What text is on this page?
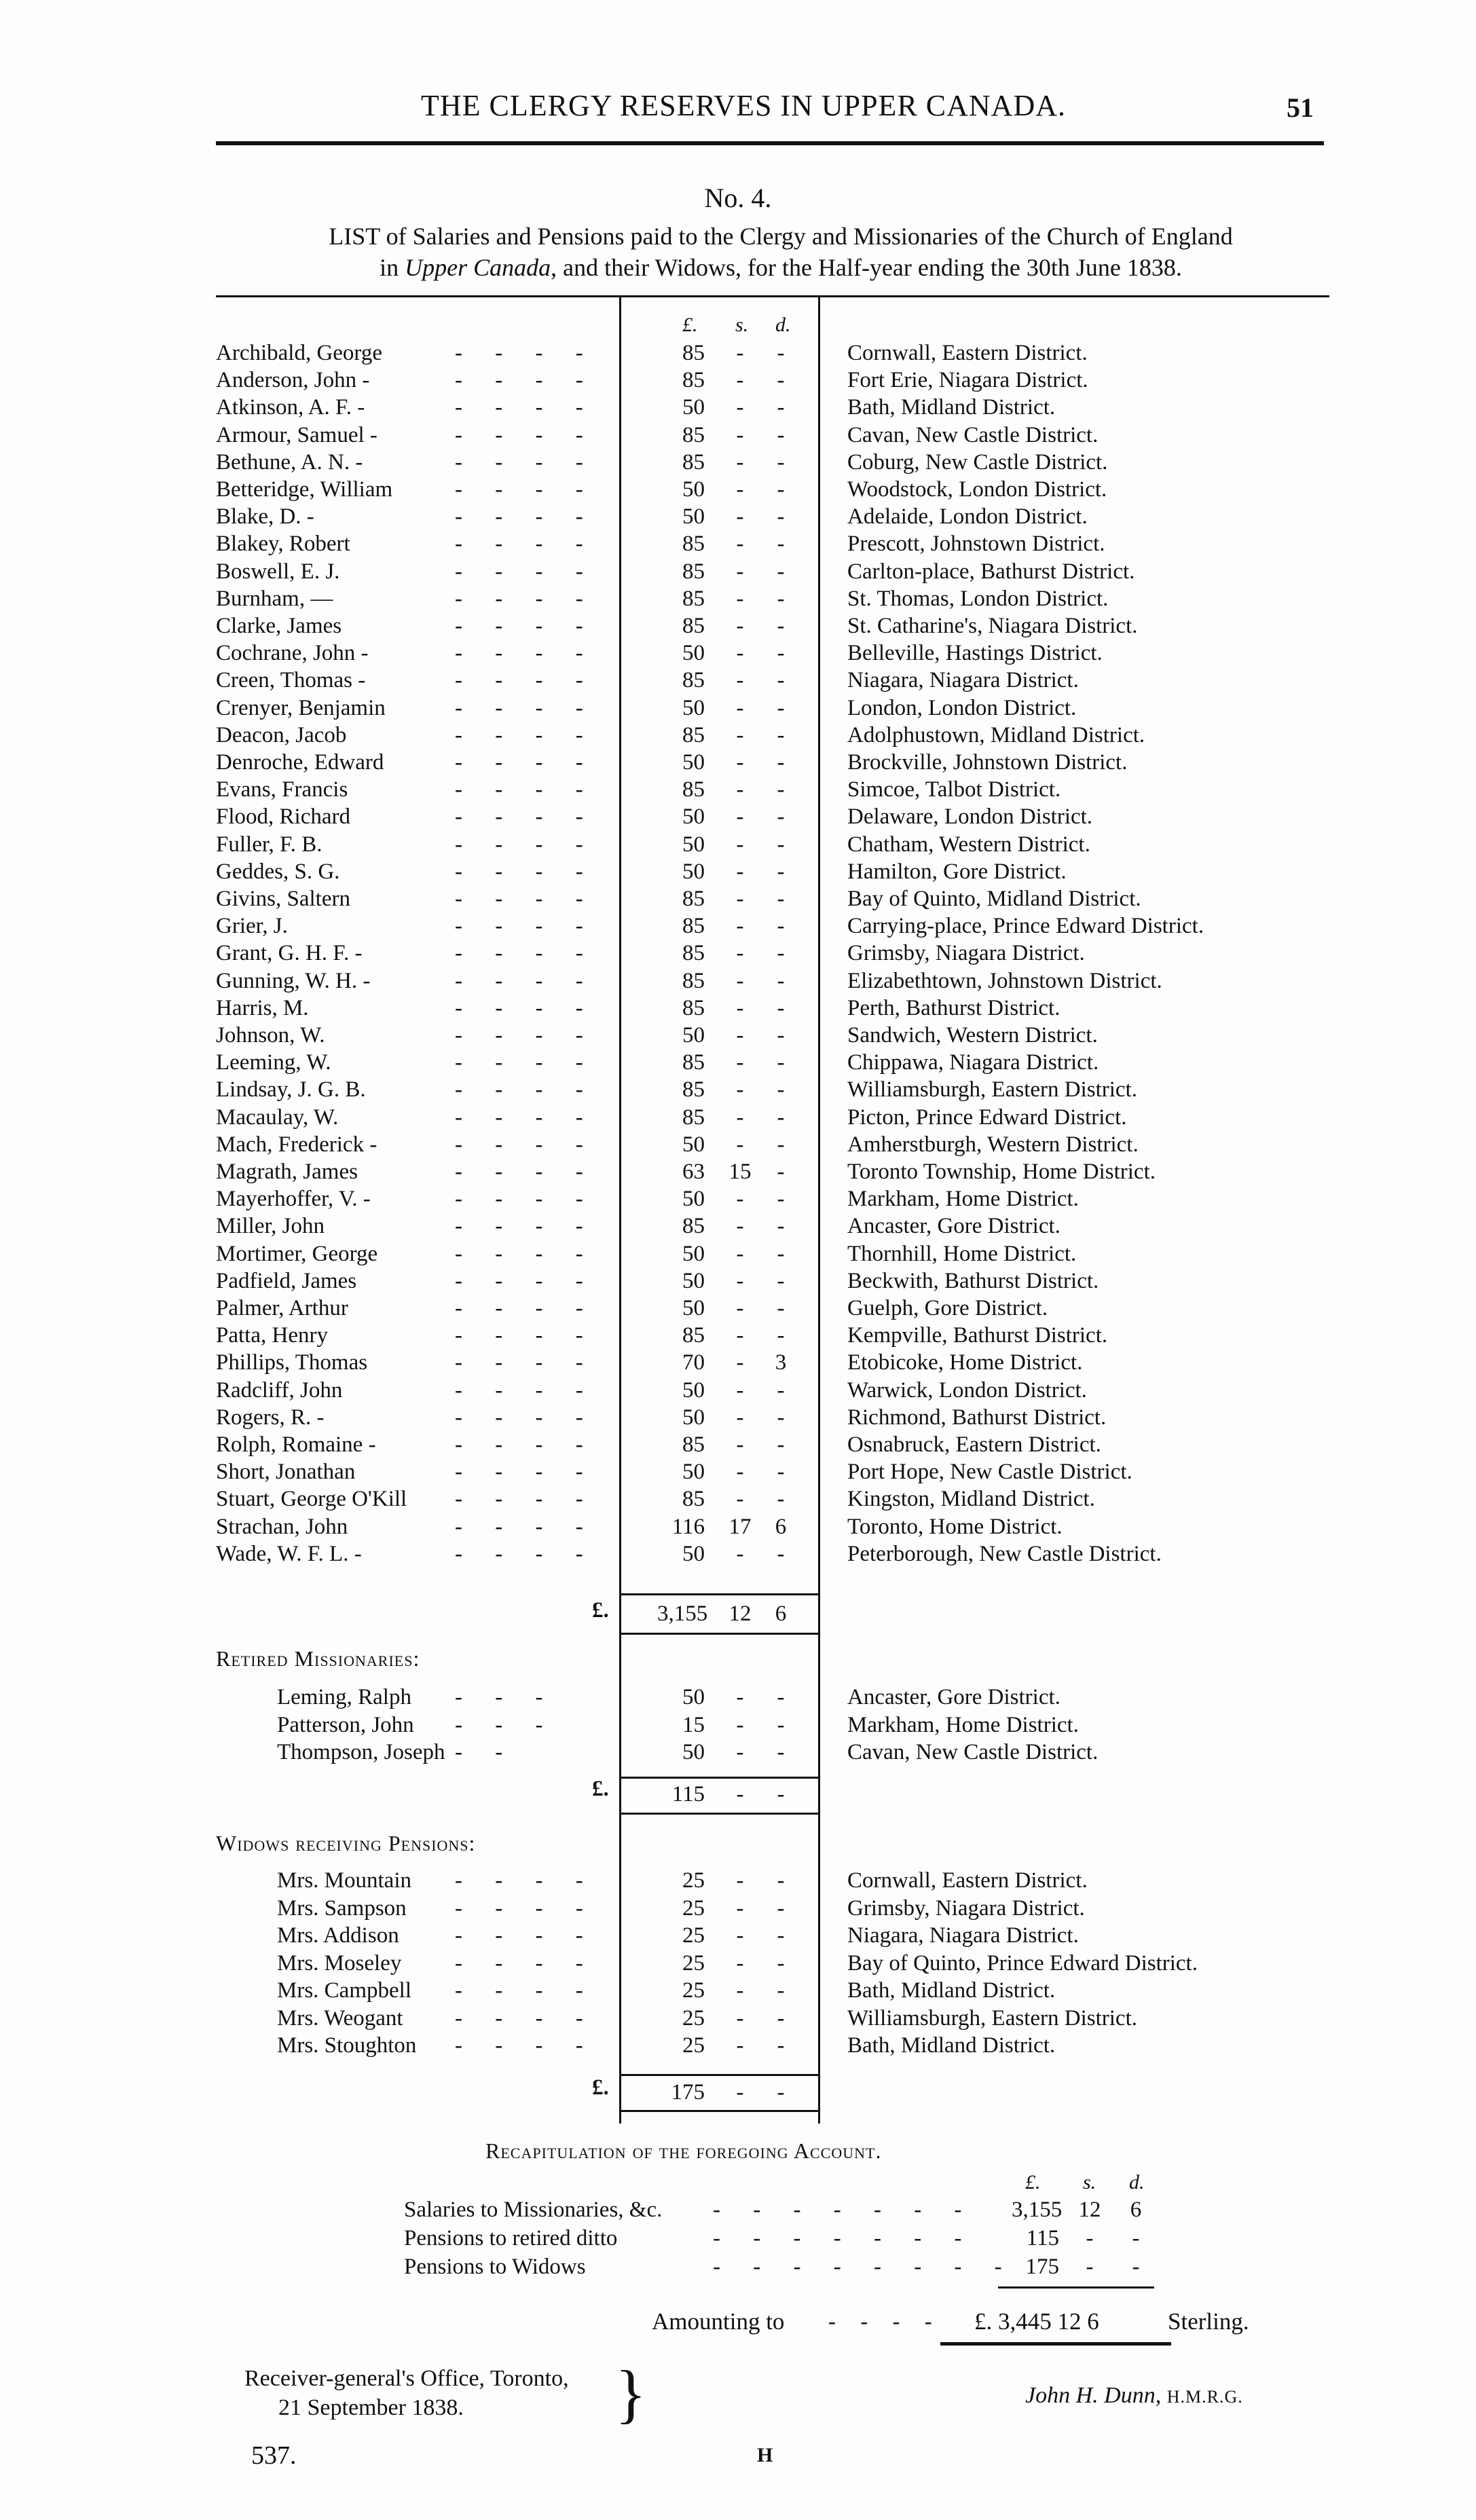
THE CLERGY RESERVES IN UPPER CANADA.	51
No. 4.
LIST of Salaries and Pensions paid to the Clergy and Missionaries of the Church of England
in Upper Canada, and their Widows, for the Half-year ending the 30th June 1838.
£. s. d.
Archibald, George	- - - -	85	-	-	Cornwall, Eastern District.
Anderson, John -	- - - -	85	-	-	Fort Erie, Niagara District.
Atkinson, A. F. -	- - - -	50	-	-	Bath, Midland District.
Armour, Samuel -	- - - -	85	-	-	Cavan, New Castle District.
Bethune, A. N. -	- - - -	85	-	-	Coburg, New Castle District.
Betteridge, William	- - - -	50	-	-	Woodstock, London District.
Blake, D. -	- - - -	50	-	-	Adelaide, London District.
Blakey, Robert	- - - -	85	-	-	Prescott, Johnstown District.
Boswell, E. J.	- - - -	85	-	-	Carlton-place, Bathurst District.
Burnham, —	- - - -	85	-	-	St. Thomas, London District.
Clarke, James	- - - -	85	-	-	St. Catharine's, Niagara District.
Cochrane, John -	- - - -	50	-	-	Belleville, Hastings District.
Creen, Thomas -	- - - -	85	-	-	Niagara, Niagara District.
Crenyer, Benjamin	- - - -	50	-	-	London, London District.
Deacon, Jacob	- - - -	85	-	-	Adolphustown, Midland District.
Denroche, Edward	- - - -	50	-	-	Brockville, Johnstown District.
Evans, Francis	- - - -	85	-	-	Simcoe, Talbot District.
Flood, Richard	- - - -	50	-	-	Delaware, London District.
Fuller, F. B.	- - - -	50	-	-	Chatham, Western District.
Geddes, S. G.	- - - -	50	-	-	Hamilton, Gore District.
Givins, Saltern	- - - -	85	-	-	Bay of Quinto, Midland District.
Grier, J.	- - - -	85	-	-	Carrying-place, Prince Edward District.
Grant, G. H. F. -	- - - -	85	-	-	Grimsby, Niagara District.
Gunning, W. H. -	- - - -	85	-	-	Elizabethtown, Johnstown District.
Harris, M.	- - - -	85	-	-	Perth, Bathurst District.
Johnson, W.	- - - -	50	-	-	Sandwich, Western District.
Leeming, W.	- - - -	85	-	-	Chippawa, Niagara District.
Lindsay, J. G. B.	- - - -	85	-	-	Williamsburgh, Eastern District.
Macaulay, W.	- - - -	85	-	-	Picton, Prince Edward District.
Mach, Frederick -	- - - -	50	-	-	Amherstburgh, Western District.
Magrath, James	- - - -	63 15	-	Toronto Township, Home District.
Mayerhoffer, V. -	- - - -	50	-	-	Markham, Home District.
Miller, John	- - - -	85	-	-	Ancaster, Gore District.
Mortimer, George	- - - -	50	-	-	Thornhill, Home District.
Padfield, James	- - - -	50	-	-	Beckwith, Bathurst District.
Palmer, Arthur	- - - -	50	-	-	Guelph, Gore District.
Patta, Henry	- - - -	85	-	-	Kempville, Bathurst District.
Phillips, Thomas	- - - -	70	-	3	Etobicoke, Home District.
Radcliff, John	- - - -	50	-	-	Warwick, London District.
Rogers, R. -	- - - -	50	-	-	Richmond, Bathurst District.
Rolph, Romaine -	- - - -	85	-	-	Osnabruck, Eastern District.
Short, Jonathan	- - - -	50	-	-	Port Hope, New Castle District.
Stuart, George O'Kill - - - -	85	-	-	Kingston, Midland District.
Strachan, John	- - - -	116 17	6	Toronto, Home District.
Wade, W. F. L. -	- - - -	50	-	-	Peterborough, New Castle District.
£. 3,155 12	6
Retired Missionaries:
Leming, Ralph - - -	50	-	-	Ancaster, Gore District.
Patterson, John - - -	15	-	-	Markham, Home District.
Thompson, Joseph - -	50	-	-	Cavan, New Castle District.
£.	115	-	-
Widows receiving Pensions:
Mrs. Mountain - - - -	25	-	-	Cornwall, Eastern District.
Mrs. Sampson - - - -	25	-	-	Grimsby, Niagara District.
Mrs. Addison - - - -	25	-	-	Niagara, Niagara District.
Mrs. Moseley - - - -	25	-	-	Bay of Quinto, Prince Edward District.
Mrs. Campbell - - - -	25	-	-	Bath, Midland District.
Mrs. Weogant - - - -	25	-	-	Williamsburgh, Eastern District.
Mrs. Stoughton - - - -	25	-	-	Bath, Midland District.
£.	175	-	-
Recapitulation of the foregoing Account.
£. s. d.
Salaries to Missionaries, &c. - - - - - - - 3,155 12	6
Pensions to retired ditto	- - - - - - -	115	-	-
Pensions to Widows	- - - - - - - - 175	-	-
Amounting to - - - - £. 3,445 12 6	Sterling.
Receiver-general's Office, Toronto,
21 September 1838. }	John H. Dunn, H.M.R.G.
537.	H
